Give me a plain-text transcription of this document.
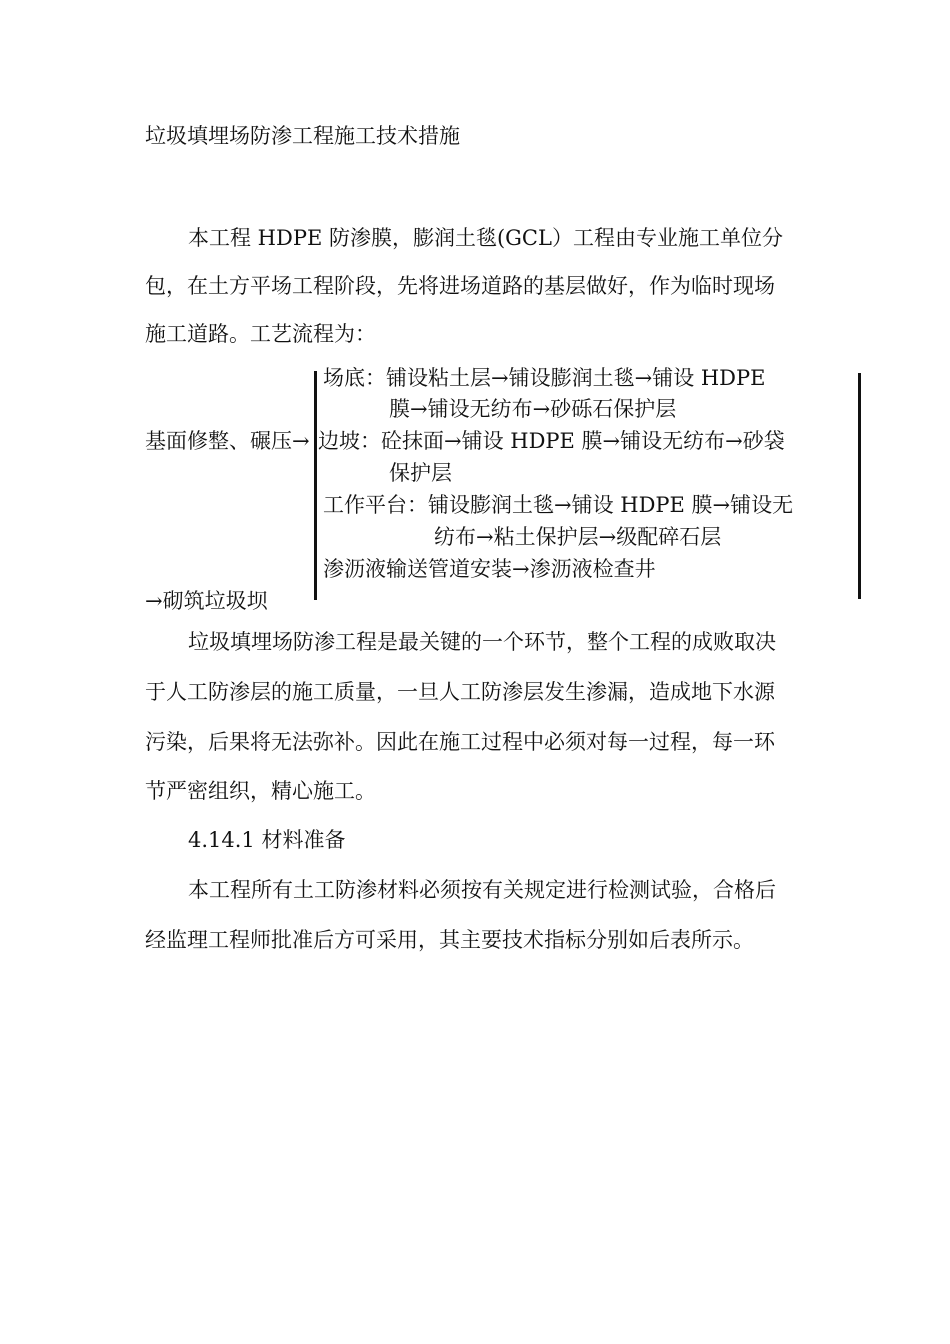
垃圾填埋场防渗工程施工技术措施
本工程 HDPE 防渗膜，膨润土毯(GCL）工程由专业施工单位分
包，在土方平场工程阶段，先将进场道路的基层做好，作为临时现场
施工道路。工艺流程为：
基面修整、碾压→
场底：铺设粘土层→铺设膨润土毯→铺设 HDPE
膜→铺设无纺布→砂砾石保护层
边坡：砼抹面→铺设 HDPE 膜→铺设无纺布→砂袋
保护层
工作平台：铺设膨润土毯→铺设 HDPE 膜→铺设无
纺布→粘土保护层→级配碎石层
渗沥液输送管道安装→渗沥液检查井
→砌筑垃圾坝
垃圾填埋场防渗工程是最关键的一个环节，整个工程的成败取决
于人工防渗层的施工质量，一旦人工防渗层发生渗漏，造成地下水源
污染，后果将无法弥补。因此在施工过程中必须对每一过程，每一环
节严密组织，精心施工。
4.14.1 材料准备
本工程所有土工防渗材料必须按有关规定进行检测试验，合格后
经监理工程师批准后方可采用，其主要技术指标分别如后表所示。
